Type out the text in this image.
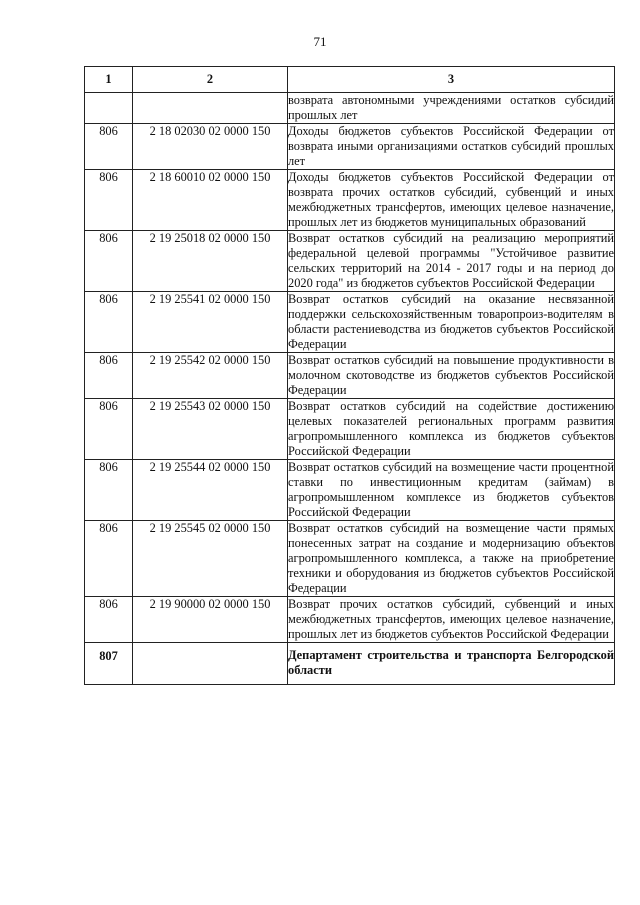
71
1	2	3
		возврата автономными учреждениями остатков субсидий прошлых лет
806	2 18 02030 02 0000 150	Доходы бюджетов субъектов Российской Федерации от возврата иными организациями остатков субсидий прошлых лет
806	2 18 60010 02 0000 150	Доходы бюджетов субъектов Российской Федерации от возврата прочих остатков субсидий, субвенций и иных межбюджетных трансфертов, имеющих целевое назначение, прошлых лет из бюджетов муниципальных образований
806	2 19 25018 02 0000 150	Возврат остатков субсидий на реализацию мероприятий федеральной целевой программы "Устойчивое развитие сельских территорий на 2014 - 2017 годы и на период до 2020 года" из бюджетов субъектов Российской Федерации
806	2 19 25541 02 0000 150	Возврат остатков субсидий на оказание несвязанной поддержки сельскохозяйственным товаропроиз-водителям в области растениеводства из бюджетов субъектов Российской Федерации
806	2 19 25542 02 0000 150	Возврат остатков субсидий на повышение продуктивности в молочном скотоводстве из бюджетов субъектов Российской Федерации
806	2 19 25543 02 0000 150	Возврат остатков субсидий на содействие достижению целевых показателей региональных программ развития агропромышленного комплекса из бюджетов субъектов Российской Федерации
806	2 19 25544 02 0000 150	Возврат остатков субсидий на возмещение части процентной ставки по инвестиционным кредитам (займам) в агропромышленном комплексе из бюджетов субъектов Российской Федерации
806	2 19 25545 02 0000 150	Возврат остатков субсидий на возмещение части прямых понесенных затрат на создание и модернизацию объектов агропромышленного комплекса, а также на приобретение техники и оборудования из бюджетов субъектов Российской Федерации
806	2 19 90000 02 0000 150	Возврат прочих остатков субсидий, субвенций и иных межбюджетных трансфертов, имеющих целевое назначение, прошлых лет из бюджетов субъектов Российской Федерации
807		Департамент строительства и транспорта Белгородской области
